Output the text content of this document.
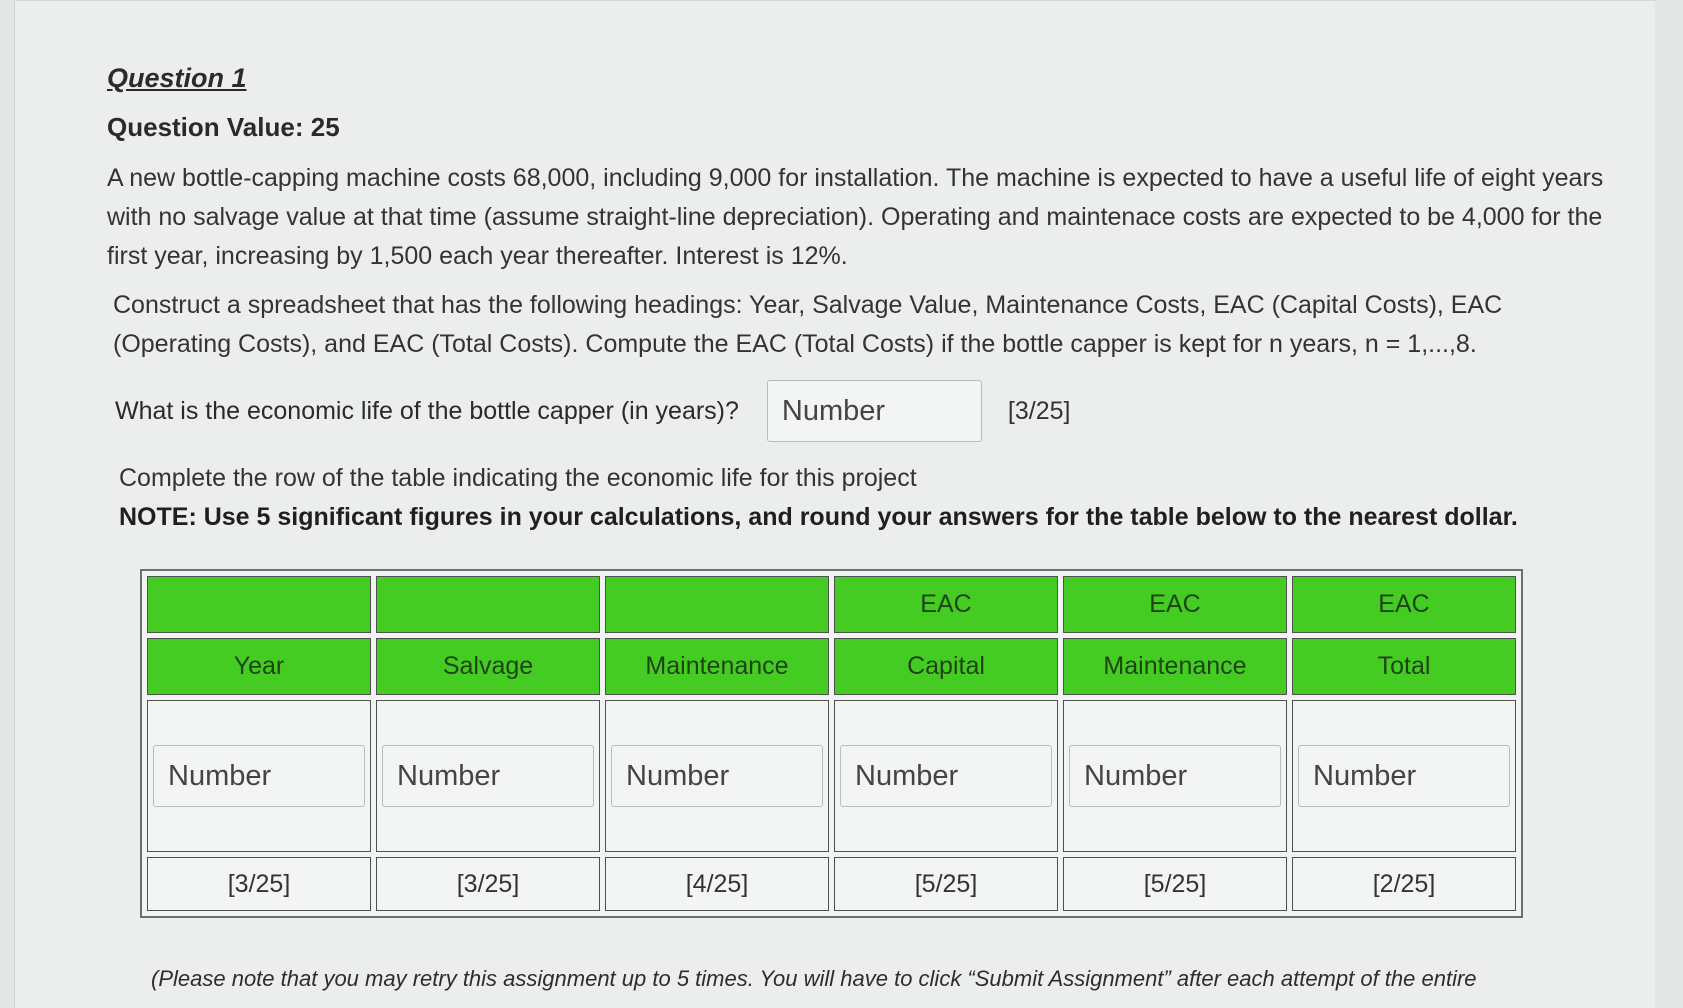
Question 1
Question Value: 25

A new bottle-capping machine costs 68,000, including 9,000 for installation. The machine is expected to have a useful life of eight years with no salvage value at that time (assume straight-line depreciation). Operating and maintenace costs are expected to be 4,000 for the first year, increasing by 1,500 each year thereafter. Interest is 12%.

Construct a spreadsheet that has the following headings: Year, Salvage Value, Maintenance Costs, EAC (Capital Costs), EAC (Operating Costs), and EAC (Total Costs). Compute the EAC (Total Costs) if the bottle capper is kept for n years, n = 1,...,8.

What is the economic life of the bottle capper (in years)? Number	[3/25]
Complete the row of the table indicating the economic life for this project
NOTE: Use 5 significant figures in your calculations, and round your answers for the table below to the nearest dollar.
			EAC	EAC	EAC
Year	Salvage	Maintenance	Capital	Maintenance	Total

Number	Number	Number	Number	Number	Number

[3/25]	[3/25]	[4/25]	[5/25]	[5/25]	[2/25]
(Please note that you may retry this assignment up to 5 times. You will have to click “Submit Assignment” after each attempt of the entire
